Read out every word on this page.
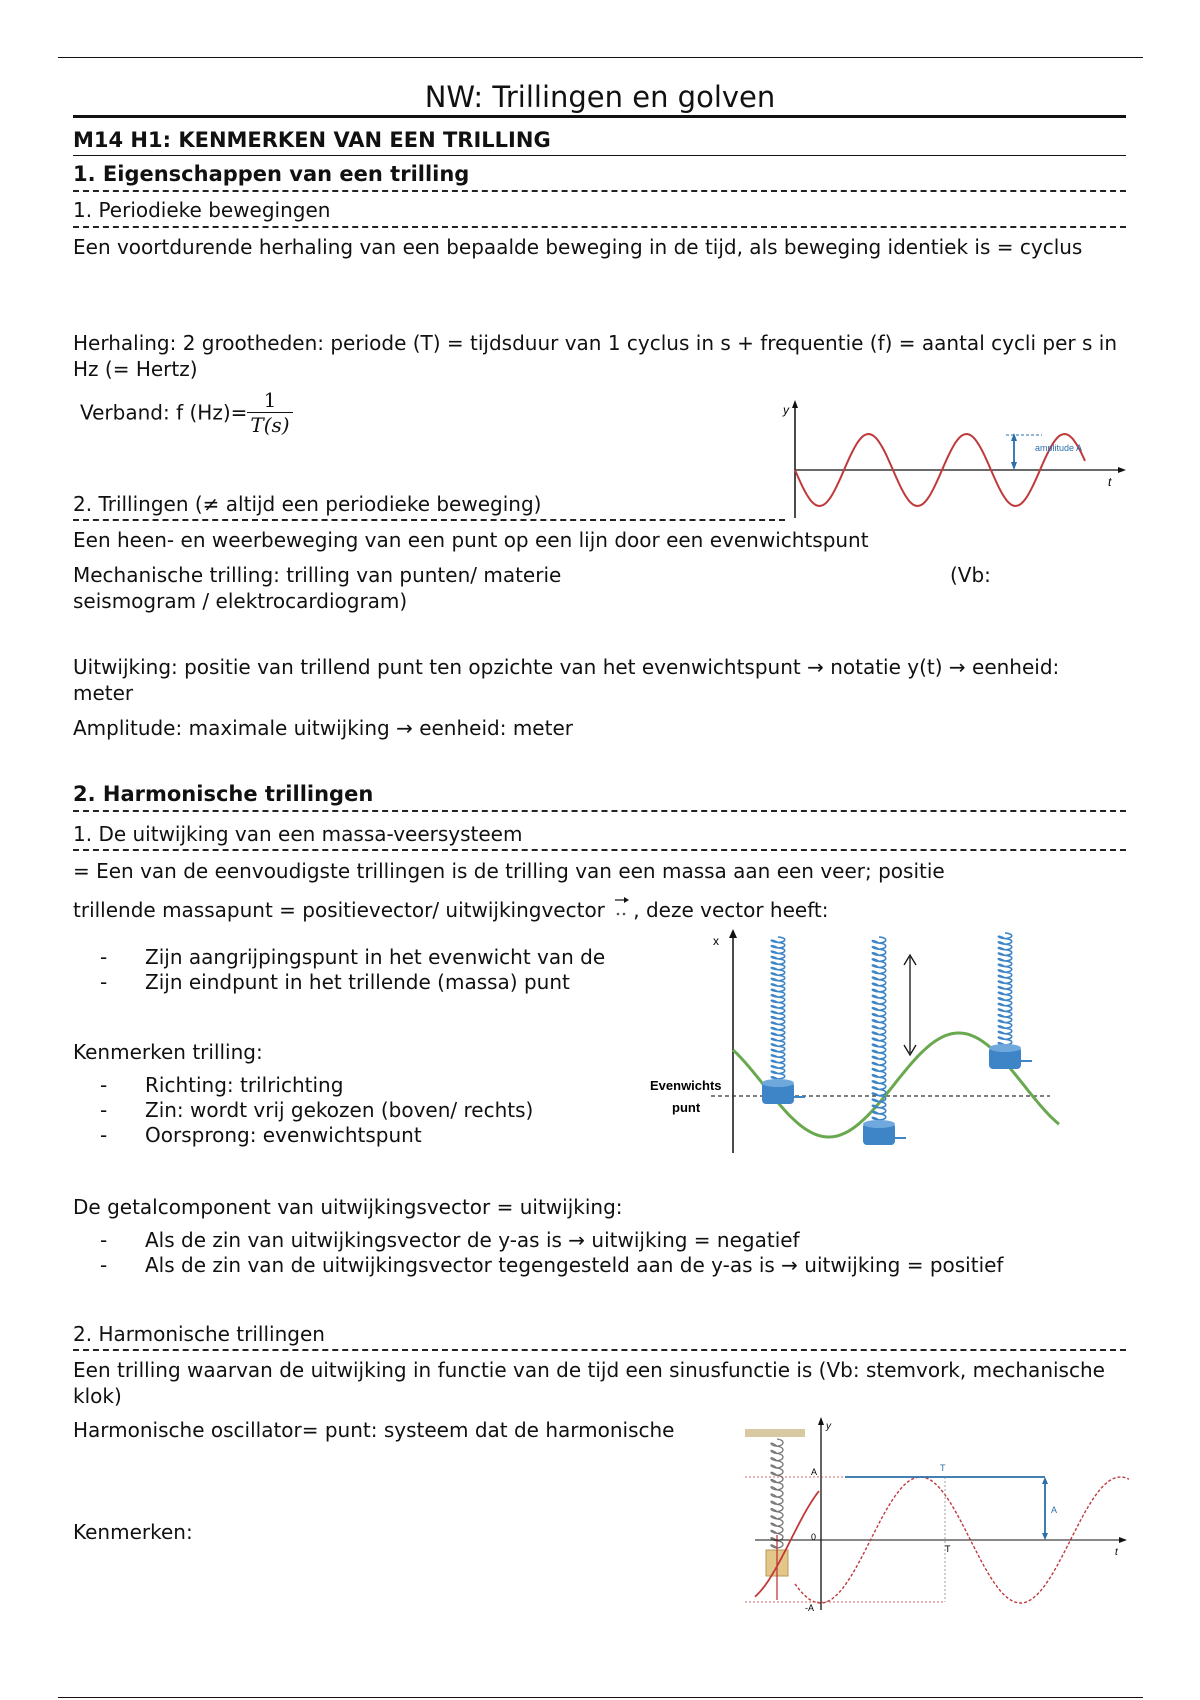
NW: Trillingen en golven
M14 H1: KENMERKEN VAN EEN TRILLING
1. Eigenschappen van een trilling
1. Periodieke bewegingen
Een voortdurende herhaling van een bepaalde beweging in de tijd, als beweging identiek is = cyclus
Herhaling: 2 grootheden: periode (T) = tijdsduur van 1 cyclus in s + frequentie (f) = aantal cycli per s in Hz (= Hertz)
Verband: f $(Hz)= \frac{1}{T(s)}$	y
t
amplitude A
2. Trillingen (≠ altijd een periodieke beweging)
Een heen- en weerbeweging van een punt op een lijn door een evenwichtspunt
Mechanische trilling: trilling van punten/ materie	(Vb:
seismogram / elektrocardiogram)
Uitwijking: positie van trillend punt ten opzichte van het evenwichtspunt → notatie y(t) → eenheid: meter
Amplitude: maximale uitwijking → eenheid: meter
2. Harmonische trillingen
1. De uitwijking van een massa-veersysteem
= Een van de eenvoudigste trillingen is de trilling van een massa aan een veer; positie
trillende massapunt = positievector/ uitwijkingvector , deze vector heeft:
- Zijn aangrijpingspunt in het evenwicht van de
- Zijn eindpunt in het trillende (massa) punt
Kenmerken trilling:
- Richting: trilrichting
- Zin: wordt vrij gekozen (boven/ rechts)
- Oorsprong: evenwichtspunt
x
Evenwichts
punt
De getalcomponent van uitwijkingsvector = uitwijking:
- Als de zin van uitwijkingsvector de y-as is → uitwijking = negatief
- Als de zin van de uitwijkingsvector tegengesteld aan de y-as is → uitwijking = positief
2. Harmonische trillingen
Een trilling waarvan de uitwijking in functie van de tijd een sinusfunctie is (Vb: stemvork, mechanische klok)
Harmonische oscillator= punt: systeem dat de harmonische
Kenmerken:
y
t
A
0
-A
T
A
T
